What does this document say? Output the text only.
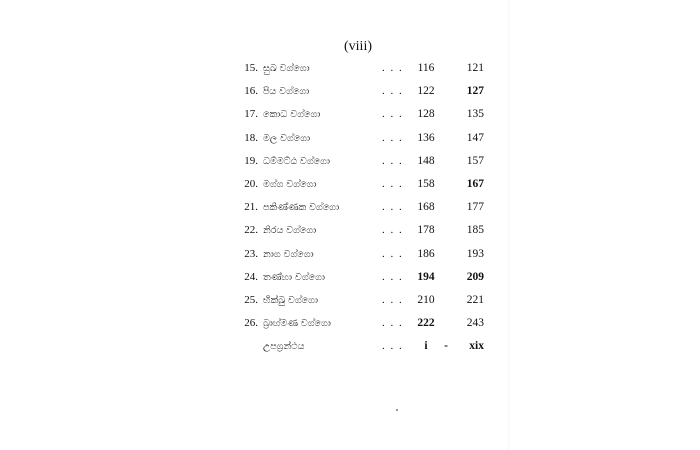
(viii)
15. සුඛ වග්ගො	. . .	116	121
16. පිය වග්ගො	. . .	122	127
17. කොධ වග්ගො	. . .	128	135
18. මල වග්ගො	. . .	136	147
19. ධම්මට්ඨ වග්ගො	. . .	148	157
20. මග්ග වග්ගො	. . .	158	167
21. පකිණ්ණක වග්ගො	. . .	168	177
22. නිරය වග්ගො	. . .	178	185
23. නාග වග්ගො	. . .	186	193
24. තණ්හා වග්ගො	. . .	194	209
25. භික්ඛු වග්ගො	. . .	210	221
26. බ්‍රාහ්මණ වග්ගො	. . .	222	243
උපග්‍රන්ථය	. . .	i	-	xix
